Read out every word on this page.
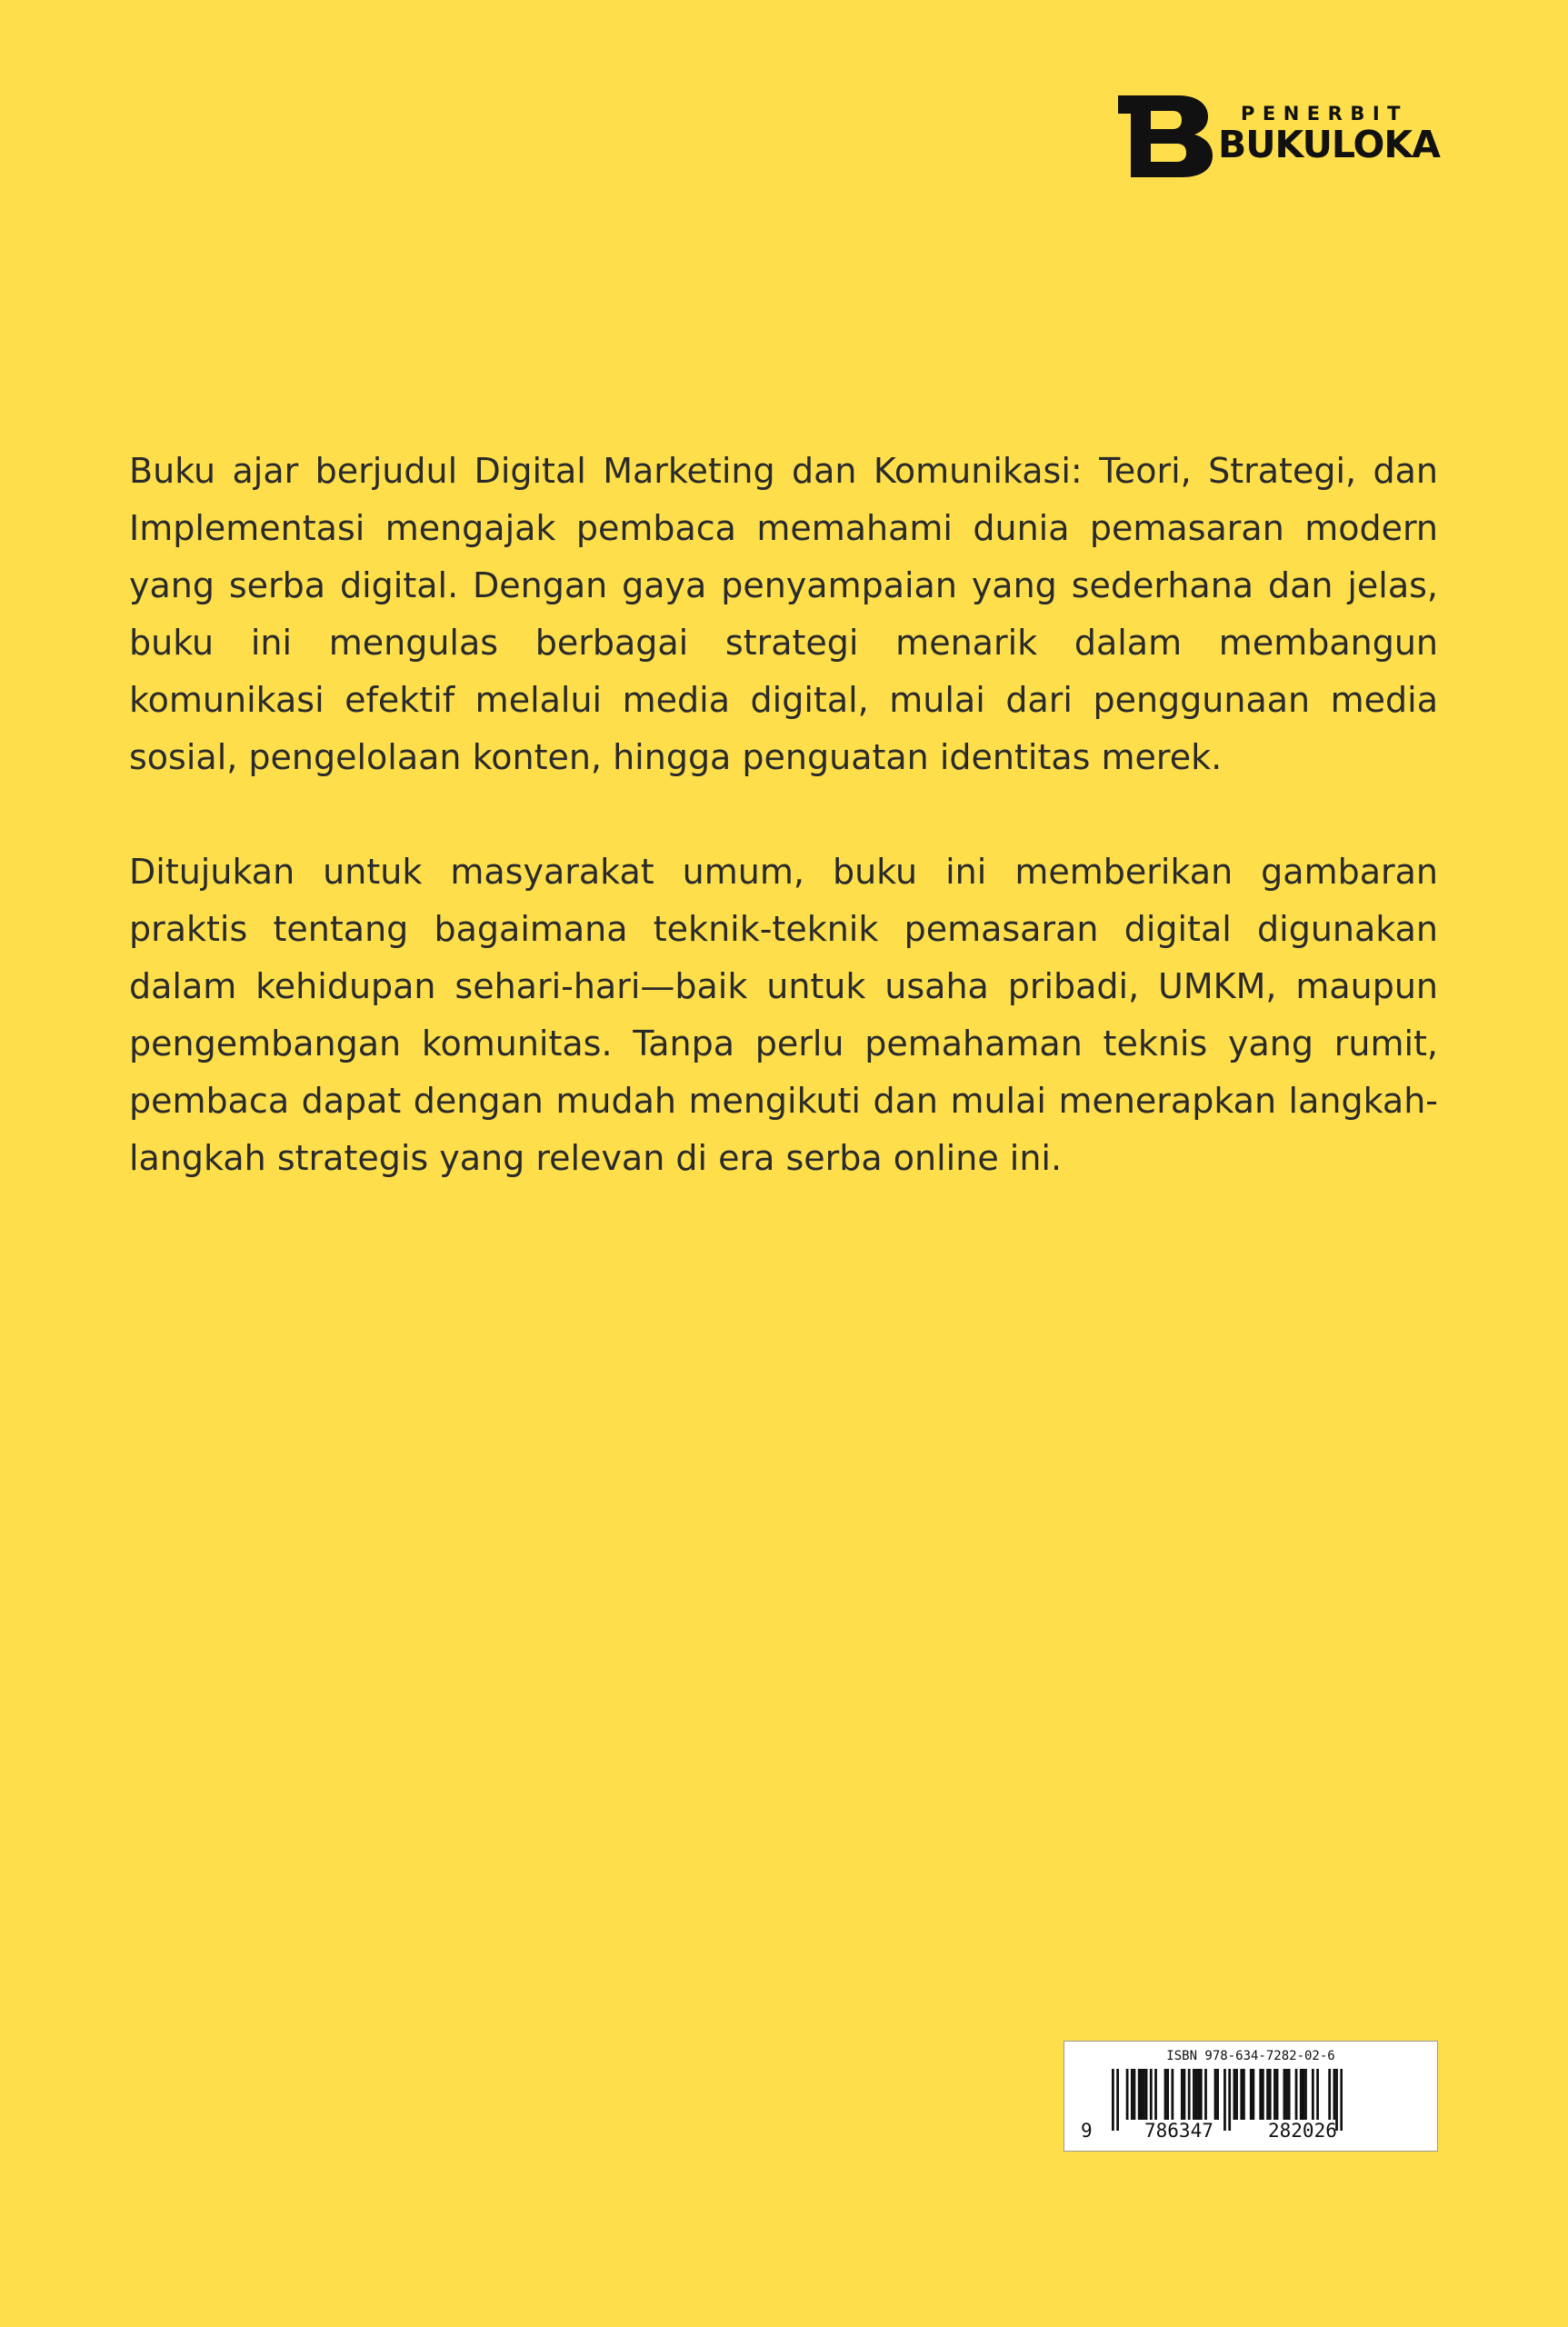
PENERBIT
BUKULOKA

Buku ajar berjudul Digital Marketing dan Komunikasi: Teori, Strategi, dan Implementasi mengajak pembaca memahami dunia pemasaran modern yang serba digital. Dengan gaya penyampaian yang sederhana dan jelas, buku ini mengulas berbagai strategi menarik dalam membangun komunikasi efektif melalui media digital, mulai dari penggunaan media sosial, pengelolaan konten, hingga penguatan identitas merek.

Ditujukan untuk masyarakat umum, buku ini memberikan gambaran praktis tentang bagaimana teknik-teknik pemasaran digital digunakan dalam kehidupan sehari-hari—baik untuk usaha pribadi, UMKM, maupun pengembangan komunitas. Tanpa perlu pemahaman teknis yang rumit, pembaca dapat dengan mudah mengikuti dan mulai menerapkan langkah-langkah strategis yang relevan di era serba online ini.

ISBN 978-634-7282-02-6
9	786347	282026
